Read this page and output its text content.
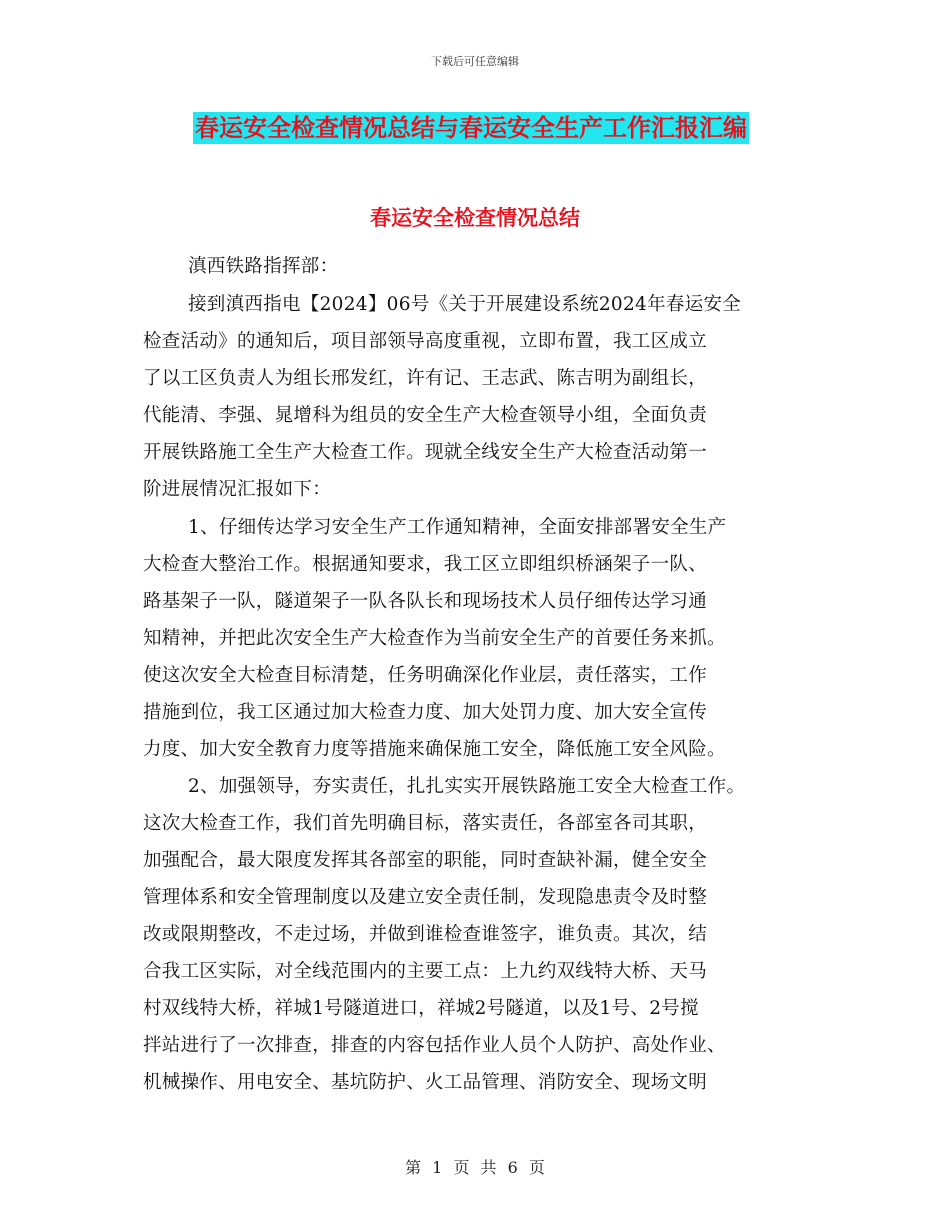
下载后可任意编辑
春运安全检查情况总结与春运安全生产工作汇报汇编
春运安全检查情况总结
滇西铁路指挥部：
接到滇西指电【2024】06号《关于开展建设系统2024年春运安全
检查活动》的通知后，项目部领导高度重视，立即布置，我工区成立
了以工区负责人为组长邢发红，许有记、王志武、陈吉明为副组长，
代能清、李强、晁增科为组员的安全生产大检查领导小组，全面负责
开展铁路施工全生产大检查工作。现就全线安全生产大检查活动第一
阶进展情况汇报如下：
1、仔细传达学习安全生产工作通知精神，全面安排部署安全生产
大检查大整治工作。根据通知要求，我工区立即组织桥涵架子一队、
路基架子一队，隧道架子一队各队长和现场技术人员仔细传达学习通
知精神，并把此次安全生产大检查作为当前安全生产的首要任务来抓。
使这次安全大检查目标清楚，任务明确深化作业层，责任落实，工作
措施到位，我工区通过加大检查力度、加大处罚力度、加大安全宣传
力度、加大安全教育力度等措施来确保施工安全，降低施工安全风险。
2、加强领导，夯实责任，扎扎实实开展铁路施工安全大检查工作。
这次大检查工作，我们首先明确目标，落实责任，各部室各司其职，
加强配合，最大限度发挥其各部室的职能，同时查缺补漏，健全安全
管理体系和安全管理制度以及建立安全责任制，发现隐患责令及时整
改或限期整改，不走过场，并做到谁检查谁签字，谁负责。其次，结
合我工区实际，对全线范围内的主要工点：上九约双线特大桥、天马
村双线特大桥，祥城1号隧道进口，祥城2号隧道，以及1号、2号搅
拌站进行了一次排查，排查的内容包括作业人员个人防护、高处作业、
机械操作、用电安全、基坑防护、火工品管理、消防安全、现场文明
第 1 页 共 6 页
